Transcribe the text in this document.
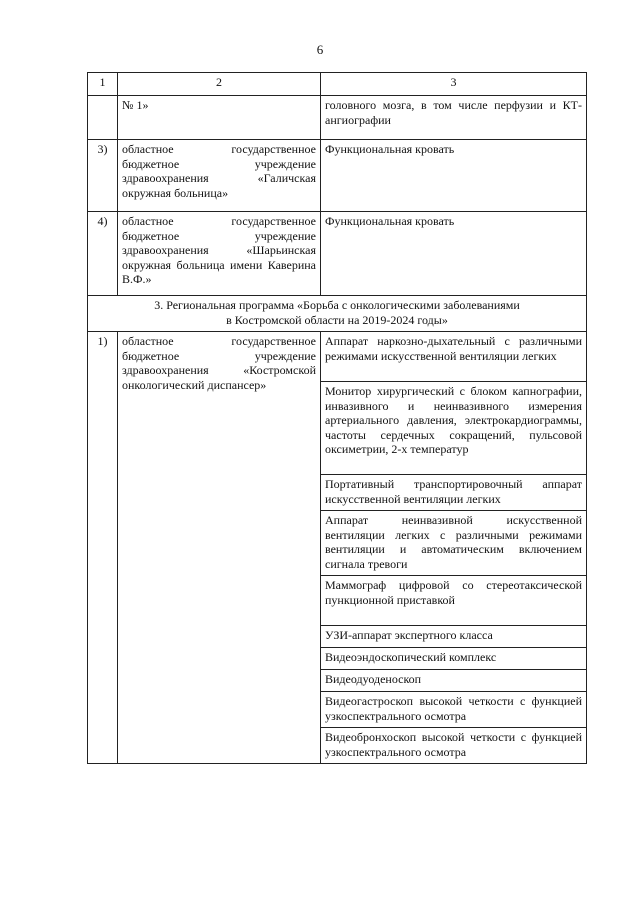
6
1	2	3
	№ 1»	головного мозга, в том числе перфузии и КТ-ангиографии
3)	областное государственное бюджетное учреждение здравоохранения «Галичская окружная больница»	Функциональная кровать
4)	областное государственное бюджетное учреждение здравоохранения «Шарьинская окружная больница имени Каверина В.Ф.»	Функциональная кровать

3. Региональная программа «Борьба с онкологическими заболеваниями
в Костромской области на 2019-2024 годы»		

1)	областное государственное бюджетное учреждение здравоохранения «Костромской онкологический диспансер»	Аппарат наркозно-дыхательный с различными режимами искусственной вентиляции легких
		Монитор хирургический с блоком капнографии, инвазивного и неинвазивного измерения артериального давления, электрокардиограммы, частоты сердечных сокращений, пульсовой оксиметрии, 2-х температур
		Портативный транспортировочный аппарат искусственной вентиляции легких
		Аппарат неинвазивной искусственной вентиляции легких с различными режимами вентиляции и автоматическим включением сигнала тревоги
		Маммограф цифровой со стереотаксической пункционной приставкой
		УЗИ-аппарат экспертного класса
		Видеоэндоскопический комплекс
		Видеодуоденоскоп
		Видеогастроскоп высокой четкости с функцией узкоспектрального осмотра
		Видеобронхоскоп высокой четкости с функцией узкоспектрального осмотра
